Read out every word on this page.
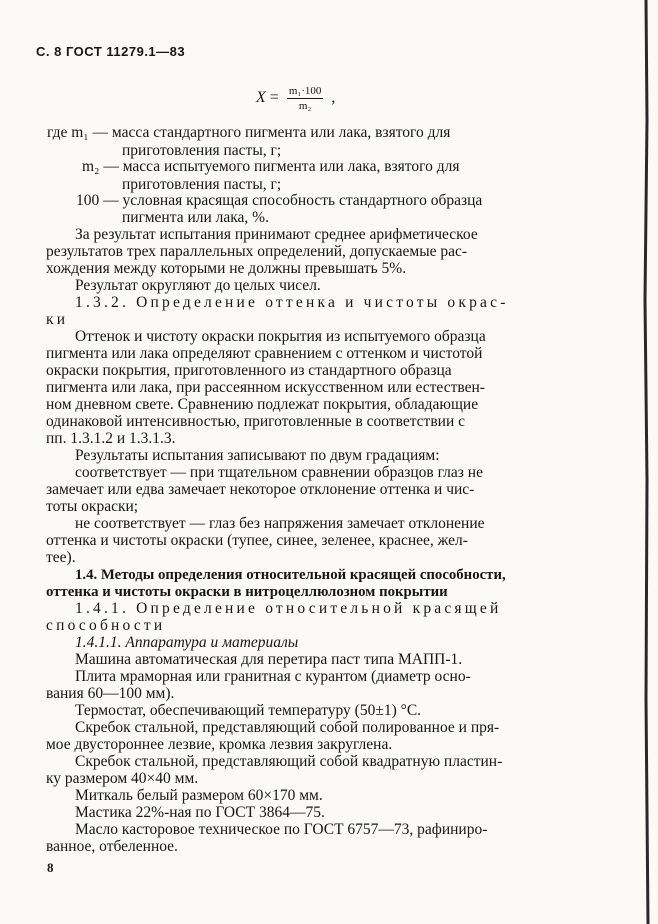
С. 8 ГОСТ 11279.1—83
$X = \frac{\text{m₁·100}}{\text{m₂}}$ ,
где m₁ — масса стандартного пигмента или лака, взятого для
приготовления пасты, г;
m₂ — масса испытуемого пигмента или лака, взятого для
приготовления пасты, г;
100 — условная красящая способность стандартного образца
пигмента или лака, %.
За результат испытания принимают среднее арифметическое
результатов трех параллельных определений, допускаемые рас-
хождения между которыми не должны превышать 5%.
Результат округляют до целых чисел.
1.3.2. Определение оттенка и чистоты окрас-
ки
Оттенок и чистоту окраски покрытия из испытуемого образца
пигмента или лака определяют сравнением с оттенком и чистотой
окраски покрытия, приготовленного из стандартного образца
пигмента или лака, при рассеянном искусственном или естествен-
ном дневном свете. Сравнению подлежат покрытия, обладающие
одинаковой интенсивностью, приготовленные в соответствии с
пп. 1.3.1.2 и 1.3.1.3.
Результаты испытания записывают по двум градациям:
соответствует — при тщательном сравнении образцов глаз не
замечает или едва замечает некоторое отклонение оттенка и чис-
тоты окраски;
не соответствует — глаз без напряжения замечает отклонение
оттенка и чистоты окраски (тупее, синее, зеленее, краснее, жел-
тее).
1.4. Методы определения относительной красящей способности,
оттенка и чистоты окраски в нитроцеллюлозном покрытии
1.4.1. Определение относительной красящей
способности
1.4.1.1. Аппаратура и материалы
Машина автоматическая для перетира паст типа МАПП-1.
Плита мраморная или гранитная с курантом (диаметр осно-
вания 60—100 мм).
Термостат, обеспечивающий температуру (50±1) °С.
Скребок стальной, представляющий собой полированное и пря-
мое двустороннее лезвие, кромка лезвия закруглена.
Скребок стальной, представляющий собой квадратную пластин-
ку размером 40×40 мм.
Миткаль белый размером 60×170 мм.
Мастика 22%-ная по ГОСТ 3864—75.
Масло касторовое техническое по ГОСТ 6757—73, рафиниро-
ванное, отбеленное.
8
